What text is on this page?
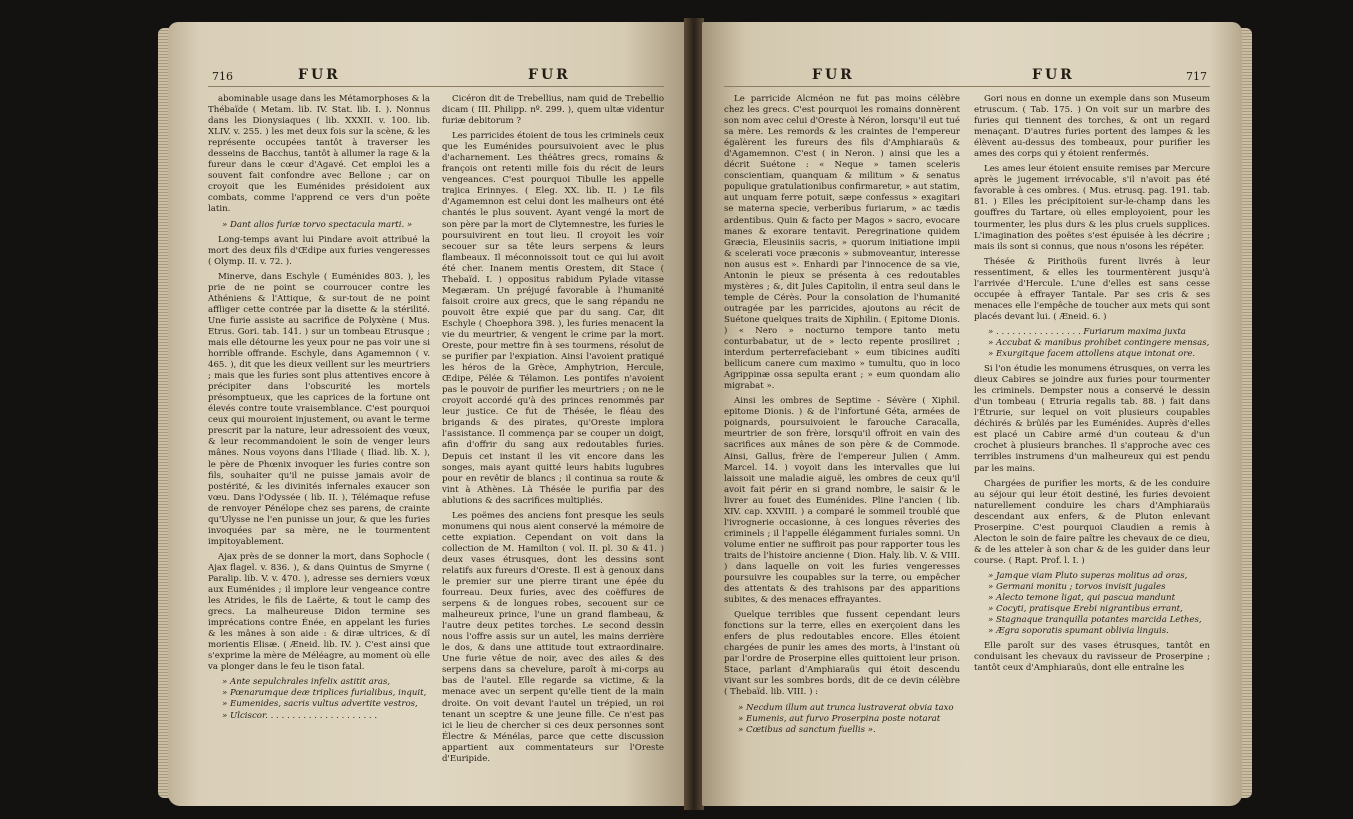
716	FUR	FUR

abominable usage dans les Métamorphoses & la Thébaïde ( Metam. lib. IV. Stat. lib. I. ). Nonnus dans les Dionysiaques ( lib. XXXII. v. 100. lib. XLIV. v. 255. ) les met deux fois sur la scène, & les représente occupées tantôt à traverser les desseins de Bacchus, tantôt à allumer la rage & la fureur dans le cœur d'Agavé. Cet emploi les a souvent fait confondre avec Bellone ; car on croyoit que les Euménides présidoient aux combats, comme l'apprend ce vers d'un poëte latin.

» Dant alios furiæ torvo spectacula marti. »

Long-temps avant lui Pindare avoit attribué la mort des deux fils d'Œdipe aux furies vengeresses ( Olymp. II. v. 72. ).

Minerve, dans Eschyle ( Euménides 803. ), les prie de ne point se courroucer contre les Athéniens & l'Attique, & sur-tout de ne point affliger cette contrée par la disette & la stérilité. Une furie assiste au sacrifice de Polyxène ( Mus. Etrus. Gori. tab. 141. ) sur un tombeau Etrusque ; mais elle détourne les yeux pour ne pas voir une si horrible offrande. Eschyle, dans Agamemnon ( v. 465. ), dit que les dieux veillent sur les meurtriers ; mais que les furies sont plus attentives encore à précipiter dans l'obscurité les mortels présomptueux, que les caprices de la fortune ont élevés contre toute vraisemblance. C'est pourquoi ceux qui mouroient injustement, ou avant le terme prescrit par la nature, leur adressoient des vœux, & leur recommandoient le soin de venger leurs mânes. Nous voyons dans l'Iliade ( Iliad. lib. X. ), le père de Phœnix invoquer les furies contre son fils, souhaiter qu'il ne puisse jamais avoir de postérité, & les divinités infernales exaucer son vœu. Dans l'Odyssée ( lib. II. ), Télémaque refuse de renvoyer Pénélope chez ses parens, de crainte qu'Ulysse ne l'en punisse un jour, & que les furies invoquées par sa mère, ne le tourmentent impitoyablement.

Ajax près de se donner la mort, dans Sophocle ( Ajax flagel. v. 836. ), & dans Quintus de Smyrne ( Paralip. lib. V. v. 470. ), adresse ses derniers vœux aux Euménides ; il implore leur vengeance contre les Atrides, le fils de Laërte, & tout le camp des grecs. La malheureuse Didon termine ses imprécations contre Énée, en appelant les furies & les mânes à son aide : & diræ ultrices, & dî morientis Elisæ. ( Æneid. lib. IV. ). C'est ainsi que s'exprime la mère de Méléagre, au moment où elle va plonger dans le feu le tison fatal.

» Ante sepulchrales infelix astitit aras,

» Pœnarumque deæ triplices furialibus, inquit,

» Eumenides, sacris vultus advertite vestros,

» Ulciscor. . . . . . . . . . . . . . . . . . . . .

Cicéron dit de Trebellius, nam quid de Trebellio dicam ( III. Philipp. nº. 299. ), quem ultæ videntur furiæ debitorum ?

Les parricides étoient de tous les criminels ceux que les Euménides poursuivoient avec le plus d'acharnement. Les théâtres grecs, romains & françois ont retenti mille fois du récit de leurs vengeances. C'est pourquoi Tibulle les appelle trajica Erinnyes. ( Eleg. XX. lib. II. ) Le fils d'Agamemnon est celui dont les malheurs ont été chantés le plus souvent. Ayant vengé la mort de son père par la mort de Clytemnestre, les furies le poursuivirent en tout lieu. Il croyoit les voir secouer sur sa tête leurs serpens & leurs flambeaux. Il méconnoissoit tout ce qui lui avoit été cher. Inanem mentis Orestem, dit Stace ( Thebaïd. I. ) oppositus rabidum Pylade vitasse Megæram. Un préjugé favorable à l'humanité faisoit croire aux grecs, que le sang répandu ne pouvoit être expié que par du sang. Car, dit Eschyle ( Choephora 398. ), les furies menacent la vie du meurtrier, & vengent le crime par la mort. Oreste, pour mettre fin à ses tourmens, résolut de se purifier par l'expiation. Ainsi l'avoient pratiqué les héros de la Grèce, Amphytrion, Hercule, Œdipe, Pélée & Télamon. Les pontifes n'avoient pas le pouvoir de purifier les meurtriers ; on ne le croyoit accordé qu'à des princes renommés par leur justice. Ce fut de Thésée, le fléau des brigands & des pirates, qu'Oreste implora l'assistance. Il commença par se couper un doigt, afin d'offrir du sang aux redoutables furies. Depuis cet instant il les vit encore dans les songes, mais ayant quitté leurs habits lugubres pour en revêtir de blancs ; il continua sa route & vint à Athènes. Là Thésée le purifia par des ablutions & des sacrifices multipliés.

Les poëmes des anciens font presque les seuls monumens qui nous aient conservé la mémoire de cette expiation. Cependant on voit dans la collection de M. Hamilton ( vol. II. pl. 30 & 41. ) deux vases étrusques, dont les dessins sont relatifs aux fureurs d'Oreste. Il est à genoux dans le premier sur une pierre tirant une épée du fourreau. Deux furies, avec des coëffures de serpens & de longues robes, secouent sur ce malheureux prince, l'une un grand flambeau, & l'autre deux petites torches. Le second dessin nous l'offre assis sur un autel, les mains derrière le dos, & dans une attitude tout extraordinaire. Une furie vêtue de noir, avec des ailes & des serpens dans sa chevelure, paroît à mi-corps au bas de l'autel. Elle regarde sa victime, & la menace avec un serpent qu'elle tient de la main droite. On voit devant l'autel un trépied, un roi tenant un sceptre & une jeune fille. Ce n'est pas ici le lieu de chercher si ces deux personnes sont Électre & Ménélas, parce que cette discussion appartient aux commentateurs sur l'Oreste d'Euripide.

FUR	FUR	717

Le parricide Alcméon ne fut pas moins célèbre chez les grecs. C'est pourquoi les romains donnèrent son nom avec celui d'Oreste à Néron, lorsqu'il eut tué sa mère. Les remords & les craintes de l'empereur égalèrent les fureurs des fils d'Amphiaraüs & d'Agamemnon. C'est ( in Neron. ) ainsi que les a décrit Suétone : « Neque » tamen sceleris conscientiam, quanquam & militum » & senatus populique gratulationibus confirmaretur, » aut statim, aut unquam ferre potuit, sæpe confessus » exagitari se materna specie, verberibus furiarum, » ac tædis ardentibus. Quin & facto per Magos » sacro, evocare manes & exorare tentavit. Peregrinatione quidem Græcia, Eleusiniis sacris, » quorum initiatione impii & scelerati voce præconis » submoveantur, interesse non ausus est ». Enhardi par l'innocence de sa vie, Antonin le pieux se présenta à ces redoutables mystères ; &, dit Jules Capitolin, il entra seul dans le temple de Cérès. Pour la consolation de l'humanité outragée par les parricides, ajoutons au récit de Suétone quelques traits de Xiphilin. ( Epitome Dionis. ) « Nero » nocturno tempore tanto metu conturbabatur, ut de » lecto repente prosiliret ; interdum perterrefaciebant » eum tibicines audîti bellicum canere cum maximo » tumultu, quo in loco Agrippinæ ossa sepulta erant ; » eum quondam alio migrabat ».

Ainsi les ombres de Septime - Sévère ( Xiphil. epitome Dionis. ) & de l'infortuné Géta, armées de poignards, poursuivoient le farouche Caracalla, meurtrier de son frère, lorsqu'il offroit en vain des sacrifices aux mânes de son père & de Commode. Ainsi, Gallus, frère de l'empereur Julien ( Amm. Marcel. 14. ) voyoit dans les intervalles que lui laissoit une maladie aiguë, les ombres de ceux qu'il avoit fait périr en si grand nombre, le saisir & le livrer au fouet des Euménides. Pline l'ancien ( lib. XIV. cap. XXVIII. ) a comparé le sommeil troublé que l'ivrognerie occasionne, à ces longues rêveries des criminels ; il l'appelle élégamment furiales somni. Un volume entier ne suffiroit pas pour rapporter tous les traits de l'histoire ancienne ( Dion. Haly. lib. V. & VIII. ) dans laquelle on voit les furies vengeresses poursuivre les coupables sur la terre, ou empêcher des attentats & des trahisons par des apparitions subites, & des menaces effrayantes.

Quelque terribles que fussent cependant leurs fonctions sur la terre, elles en exerçoient dans les enfers de plus redoutables encore. Elles étoient chargées de punir les ames des morts, à l'instant où par l'ordre de Proserpine elles quittoient leur prison. Stace, parlant d'Amphiaraüs qui étoit descendu vivant sur les sombres bords, dit de ce devin célèbre ( Thebaïd. lib. VIII. ) :

» Necdum illum aut trunca lustraverat obvia taxo

» Eumenis, aut furvo Proserpina poste notarat

» Cœtibus ad sanctum fuellis ».

Gori nous en donne un exemple dans son Museum etruscum. ( Tab. 175. ) On voit sur un marbre des furies qui tiennent des torches, & ont un regard menaçant. D'autres furies portent des lampes & les élèvent au-dessus des tombeaux, pour purifier les ames des corps qui y étoient renfermés.

Les ames leur étoient ensuite remises par Mercure après le jugement irrévocable, s'il n'avoit pas été favorable à ces ombres. ( Mus. etrusq. pag. 191. tab. 81. ) Elles les précipitoient sur-le-champ dans les gouffres du Tartare, où elles employoient, pour les tourmenter, les plus durs & les plus cruels supplices. L'imagination des poëtes s'est épuisée à les décrire ; mais ils sont si connus, que nous n'osons les répéter.

Thésée & Pirithoüs furent livrés à leur ressentiment, & elles les tourmentèrent jusqu'à l'arrivée d'Hercule. L'une d'elles est sans cesse occupée à effrayer Tantale. Par ses cris & ses menaces elle l'empêche de toucher aux mets qui sont placés devant lui. ( Æneid. 6. )

» . . . . . . . . . . . . . . . . Furiarum maxima juxta

» Accubat & manibus prohibet contingere mensas,

» Exurgitque facem attollens atque intonat ore.

Si l'on étudie les monumens étrusques, on verra les dieux Cabires se joindre aux furies pour tourmenter les criminels. Dempster nous a conservé le dessin d'un tombeau ( Etruria regalis tab. 88. ) fait dans l'Étrurie, sur lequel on voit plusieurs coupables déchirés & brûlés par les Euménides. Auprès d'elles est placé un Cabire armé d'un couteau & d'un crochet à plusieurs branches. Il s'approche avec ces terribles instrumens d'un malheureux qui est pendu par les mains.

Chargées de purifier les morts, & de les conduire au séjour qui leur étoit destiné, les furies devoient naturellement conduire les chars d'Amphiaraüs descendant aux enfers, & de Pluton enlevant Proserpine. C'est pourquoi Claudien a remis à Alecton le soin de faire paître les chevaux de ce dieu, & de les atteler à son char & de les guider dans leur course. ( Rapt. Prof. l. I. )

» Jamque viam Pluto superas molitus ad oras,

» Germani monitu ; torvos invisit jugales

» Alecto temone ligat, qui pascua mandunt

» Cocyti, pratisque Erebi nigrantibus errant,

» Stagnaque tranquilla potantes marcida Lethes,

» Ægra soporatis spumant oblivia linguis.

Elle paroît sur des vases étrusques, tantôt en conduisant les chevaux du ravisseur de Proserpine ; tantôt ceux d'Amphiaraüs, dont elle entraîne les
